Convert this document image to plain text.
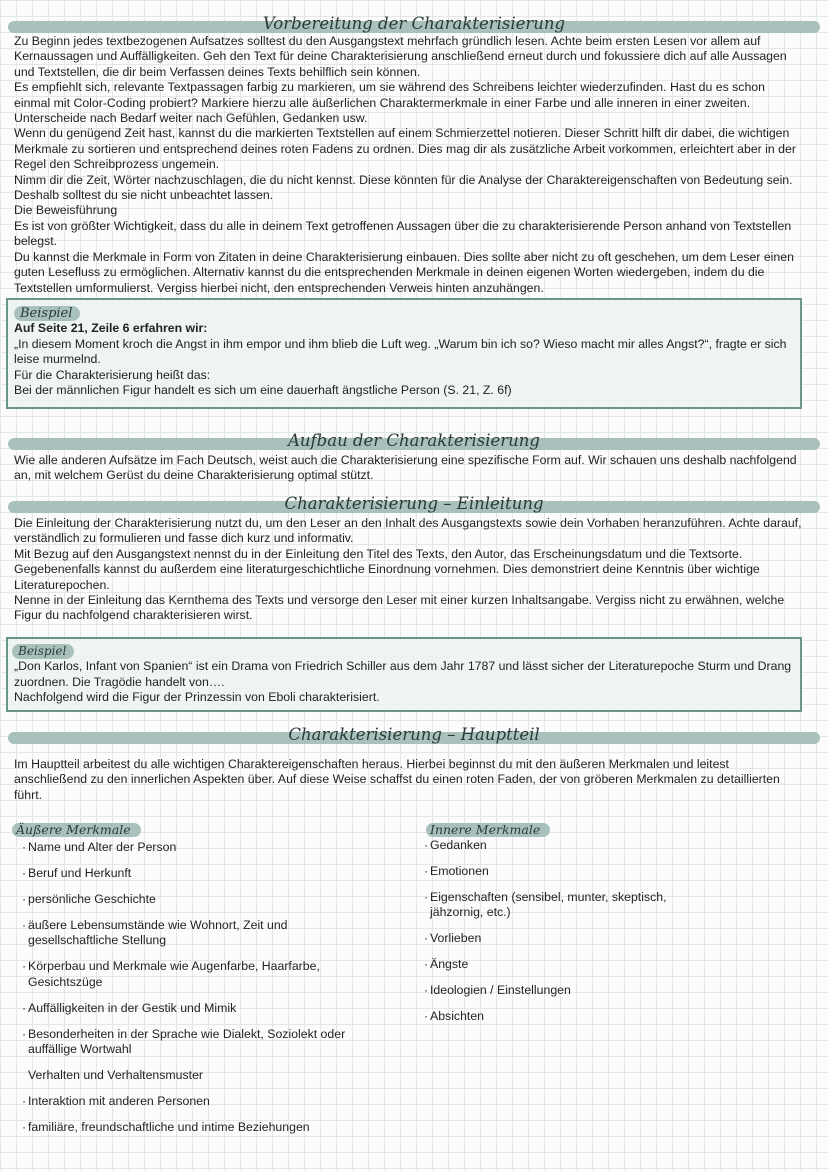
Vorbereitung der Charakterisierung

Zu Beginn jedes textbezogenen Aufsatzes solltest du den Ausgangstext mehrfach gründlich lesen. Achte beim ersten Lesen vor allem auf Kernaussagen und Auffälligkeiten. Geh den Text für deine Charakterisierung anschließend erneut durch und fokussiere dich auf alle Aussagen und Textstellen, die dir beim Verfassen deines Texts behilflich sein können.

Es empfiehlt sich, relevante Textpassagen farbig zu markieren, um sie während des Schreibens leichter wiederzufinden. Hast du es schon einmal mit Color-Coding probiert? Markiere hierzu alle äußerlichen Charaktermerkmale in einer Farbe und alle inneren in einer zweiten. Unterscheide nach Bedarf weiter nach Gefühlen, Gedanken usw.

Wenn du genügend Zeit hast, kannst du die markierten Textstellen auf einem Schmierzettel notieren. Dieser Schritt hilft dir dabei, die wichtigen Merkmale zu sortieren und entsprechend deines roten Fadens zu ordnen. Dies mag dir als zusätzliche Arbeit vorkommen, erleichtert aber in der Regel den Schreibprozess ungemein.

Nimm dir die Zeit, Wörter nachzuschlagen, die du nicht kennst. Diese könnten für die Analyse der Charaktereigenschaften von Bedeutung sein. Deshalb solltest du sie nicht unbeachtet lassen.

Die Beweisführung

Es ist von größter Wichtigkeit, dass du alle in deinem Text getroffenen Aussagen über die zu charakterisierende Person anhand von Textstellen belegst.

Du kannst die Merkmale in Form von Zitaten in deine Charakterisierung einbauen. Dies sollte aber nicht zu oft geschehen, um dem Leser einen guten Lesefluss zu ermöglichen. Alternativ kannst du die entsprechenden Merkmale in deinen eigenen Worten wiedergeben, indem du die Textstellen umformulierst. Vergiss hierbei nicht, den entsprechenden Verweis hinten anzuhängen.

Beispiel
Auf Seite 21, Zeile 6 erfahren wir:
„In diesem Moment kroch die Angst in ihm empor und ihm blieb die Luft weg. „Warum bin ich so? Wieso macht mir alles Angst?“, fragte er sich leise murmelnd.
Für die Charakterisierung heißt das:
Bei der männlichen Figur handelt es sich um eine dauerhaft ängstliche Person (S. 21, Z. 6f)
Aufbau der Charakterisierung

Wie alle anderen Aufsätze im Fach Deutsch, weist auch die Charakterisierung eine spezifische Form auf. Wir schauen uns deshalb nachfolgend an, mit welchem Gerüst du deine Charakterisierung optimal stützt.

Charakterisierung – Einleitung

Die Einleitung der Charakterisierung nutzt du, um den Leser an den Inhalt des Ausgangstexts sowie dein Vorhaben heranzuführen. Achte darauf, verständlich zu formulieren und fasse dich kurz und informativ.

Mit Bezug auf den Ausgangstext nennst du in der Einleitung den Titel des Texts, den Autor, das Erscheinungsdatum und die Textsorte. Gegebenenfalls kannst du außerdem eine literaturgeschichtliche Einordnung vornehmen. Dies demonstriert deine Kenntnis über wichtige Literaturepochen.

Nenne in der Einleitung das Kernthema des Texts und versorge den Leser mit einer kurzen Inhaltsangabe. Vergiss nicht zu erwähnen, welche Figur du nachfolgend charakterisieren wirst.

Beispiel
„Don Karlos, Infant von Spanien“ ist ein Drama von Friedrich Schiller aus dem Jahr 1787 und lässt sicher der Literaturepoche Sturm und Drang zuordnen. Die Tragödie handelt von….
Nachfolgend wird die Figur der Prinzessin von Eboli charakterisiert.
Charakterisierung – Hauptteil

Im Hauptteil arbeitest du alle wichtigen Charaktereigenschaften heraus. Hierbei beginnst du mit den äußeren Merkmalen und leitest anschließend zu den innerlichen Aspekten über. Auf diese Weise schaffst du einen roten Faden, der von gröberen Merkmalen zu detaillierten führt.

Äußere Merkmale
· Name und Alter der Person
· Beruf und Herkunft
· persönliche Geschichte
· äußere Lebensumstände wie Wohnort, Zeit und gesellschaftliche Stellung
· Körperbau und Merkmale wie Augenfarbe, Haarfarbe, Gesichtszüge
· Auffälligkeiten in der Gestik und Mimik
· Besonderheiten in der Sprache wie Dialekt, Soziolekt oder auffällige Wortwahl
Verhalten und Verhaltensmuster
· Interaktion mit anderen Personen
· familiäre, freundschaftliche und intime Beziehungen
Innere Merkmale
· Gedanken
· Emotionen
· Eigenschaften (sensibel, munter, skeptisch, jähzornig, etc.)
· Vorlieben
· Ängste
· Ideologien / Einstellungen
· Absichten
